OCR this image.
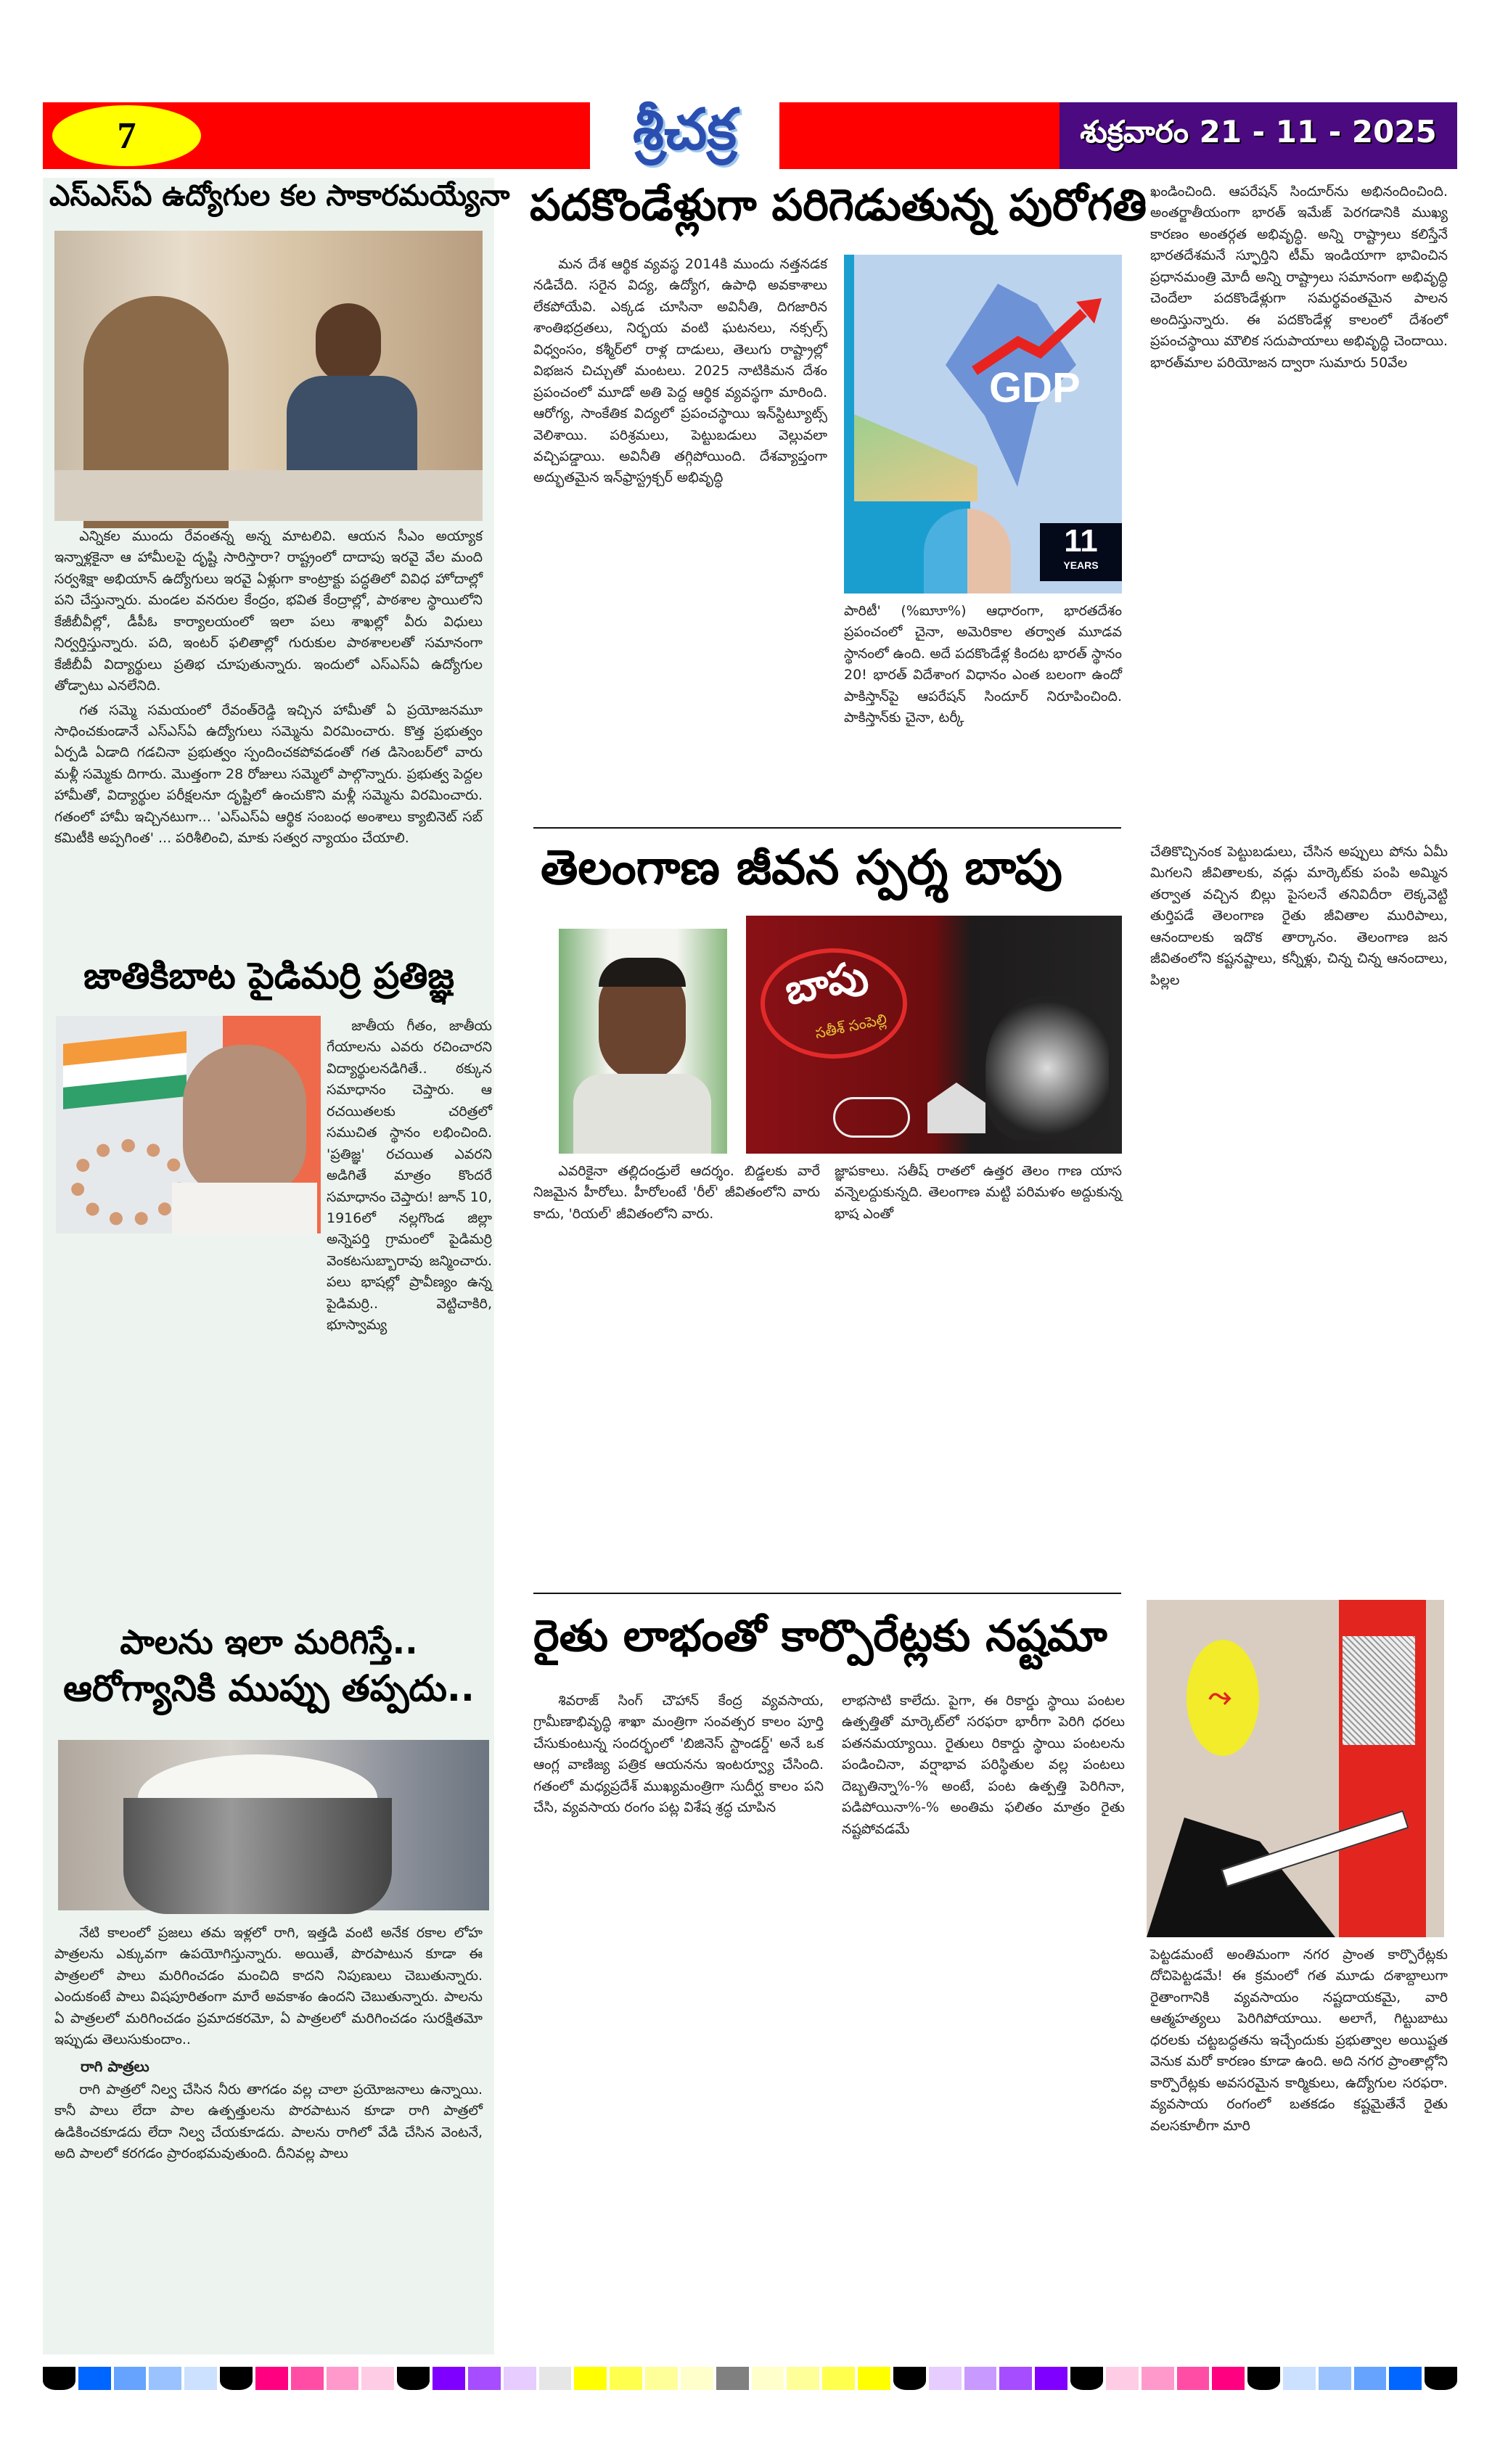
7	శ్రీచక్ర	శుక్రవారం 21 - 11 - 2025
ఎస్ఎస్ఏ ఉద్యోగుల కల సాకారమయ్యేనా

ఎన్నికల ముందు రేవంతన్న అన్న మాటలివి. ఆయన సీఎం అయ్యాక ఇన్నాళ్లకైనా ఆ హామీలపై దృష్టి సారిస్తారా? రాష్ట్రంలో దాదాపు ఇరవై వేల మంది సర్వశిక్షా అభియాన్ ఉద్యోగులు ఇరవై ఏళ్లుగా కాంట్రాక్టు పద్ధతిలో వివిధ హోదాల్లో పని చేస్తున్నారు. మండల వనరుల కేంద్రం, భవిత కేంద్రాల్లో, పాఠశాల స్థాయిలోని కేజీబీవీల్లో, డీపీఓ కార్యాలయంలో ఇలా పలు శాఖల్లో వీరు విధులు నిర్వర్తిస్తున్నారు. పది, ఇంటర్ ఫలితాల్లో గురుకుల పాఠశాలలతో సమానంగా కేజీబీవీ విద్యార్థులు ప్రతిభ చూపుతున్నారు. ఇందులో ఎస్ఎస్ఏ ఉద్యోగుల తోడ్పాటు ఎనలేనిది.

గత సమ్మె సమయంలో రేవంత్‌రెడ్డి ఇచ్చిన హామీతో ఏ ప్రయోజనమూ సాధించకుండానే ఎస్ఎస్ఏ ఉద్యోగులు సమ్మెను విరమించారు. కొత్త ప్రభుత్వం ఏర్పడి ఏడాది గడచినా ప్రభుత్వం స్పందించకపోవడంతో గత డిసెంబర్‌లో వారు మళ్లీ సమ్మెకు దిగారు. మొత్తంగా 28 రోజులు సమ్మెలో పాల్గొన్నారు. ప్రభుత్వ పెద్దల హామీతో, విద్యార్థుల పరీక్షలనూ దృష్టిలో ఉంచుకొని మళ్లీ సమ్మెను విరమించారు. గతంలో హామీ ఇచ్చినటుగా... 'ఎస్ఎస్ఏ ఆర్థిక సంబంధ అంశాలు క్యాబినెట్ సబ్ కమిటీకి అప్పగింత' ... పరిశీలించి, మాకు సత్వర న్యాయం చేయాలి.

జాతికిబాట పైడిమర్రి ప్రతిజ్ఞ

జాతీయ గీతం, జాతీయ గేయాలను ఎవరు రచించారని విద్యార్థులనడిగితే.. ఠక్కున సమాధానం చెప్తారు. ఆ రచయితలకు చరిత్రలో సముచిత స్థానం లభించింది. 'ప్రతిజ్ఞ' రచయిత ఎవరని అడిగితే మాత్రం కొందరే సమాధానం చెప్తారు! జూన్ 10, 1916లో నల్లగొండ జిల్లా అన్నెపర్తి గ్రామంలో పైడిమర్రి వెంకటసుబ్బారావు జన్మించారు. పలు భాషల్లో ప్రావీణ్యం ఉన్న పైడిమర్రి.. వెట్టిచాకిరి, భూస్వామ్య

పాలను ఇలా మరిగిస్తే..
ఆరోగ్యానికి ముప్పు తప్పదు..

నేటి కాలంలో ప్రజలు తమ ఇళ్లలో రాగి, ఇత్తడి వంటి అనేక రకాల లోహ పాత్రలను ఎక్కువగా ఉపయోగిస్తున్నారు. అయితే, పొరపాటున కూడా ఈ పాత్రలలో పాలు మరిగించడం మంచిది కాదని నిపుణులు చెబుతున్నారు. ఎందుకంటే పాలు విషపూరితంగా మారే అవకాశం ఉందని చెబుతున్నారు. పాలను ఏ పాత్రలలో మరిగించడం ప్రమాదకరమో, ఏ పాత్రలలో మరిగించడం సురక్షితమో ఇప్పుడు తెలుసుకుందాం..

రాగి పాత్రలు

రాగి పాత్రలో నిల్వ చేసిన నీరు తాగడం వల్ల చాలా ప్రయోజనాలు ఉన్నాయి. కానీ పాలు లేదా పాల ఉత్పత్తులను పొరపాటున కూడా రాగి పాత్రలో ఉడికించకూడదు లేదా నిల్వ చేయకూడదు. పాలను రాగిలో వేడి చేసిన వెంటనే, అది పాలలో కరగడం ప్రారంభమవుతుంది. దీనివల్ల పాలు

పదకొండేళ్లుగా పరిగెడుతున్న పురోగతి

మన దేశ ఆర్థిక వ్యవస్థ 2014కి ముందు నత్తనడక నడిచేది. సరైన విద్య, ఉద్యోగ, ఉపాధి అవకాశాలు లేకపోయేవి. ఎక్కడ చూసినా అవినీతి, దిగజారిన శాంతిభద్రతలు, నిర్భయ వంటి ఘటనలు, నక్సల్స్ విధ్వంసం, కశ్మీర్‌లో రాళ్ల దాడులు, తెలుగు రాష్ట్రాల్లో విభజన చిచ్చుతో మంటలు. 2025 నాటికిమన దేశం ప్రపంచంలో మూడో అతి పెద్ద ఆర్థిక వ్యవస్థగా మారింది. ఆరోగ్య, సాంకేతిక విద్యలో ప్రపంచస్థాయి ఇన్‌స్టిట్యూట్స్ వెలిశాయి. పరిశ్రమలు, పెట్టుబడులు వెల్లువలా వచ్చిపడ్డాయి. అవినీతి తగ్గిపోయింది. దేశవ్యాప్తంగా అద్భుతమైన ఇన్‌ఫ్రాస్ట్రక్చర్ అభివృద్ధి

GDP
11
YEARS

పారిటీ' (%ఐూూ%) ఆధారంగా, భారతదేశం ప్రపంచంలో చైనా, అమెరికాల తర్వాత మూడవ స్థానంలో ఉంది. అదే పదకొండేళ్ల కిందట భారత్ స్థానం 20! భారత్ విదేశాంగ విధానం ఎంత బలంగా ఉందో పాకిస్తాన్‌పై ఆపరేషన్ సిందూర్ నిరూపించింది. పాకిస్తాన్‌కు చైనా, టర్కీ

ఖండించింది. ఆపరేషన్ సిందూర్‌ను అభినందించింది. అంతర్జాతీయంగా భారత్ ఇమేజ్ పెరగడానికి ముఖ్య కారణం అంతర్గత అభివృద్ధి. అన్ని రాష్ట్రాలు కలిస్తేనే భారతదేశమనే స్ఫూర్తిని టీమ్ ఇండియాగా భావించిన ప్రధానమంత్రి మోదీ అన్ని రాష్ట్రాలు సమానంగా అభివృద్ధి చెందేలా పదకొండేళ్లుగా సమర్థవంతమైన పాలన అందిస్తున్నారు. ఈ పదకొండేళ్ల కాలంలో దేశంలో ప్రపంచస్థాయి మౌలిక సదుపాయాలు అభివృద్ధి చెందాయి. భారత్‌మాల పరియోజన ద్వారా సుమారు 50వేల

తెలంగాణ జీవన స్పర్శ బాపు
బాపు
సతీశ్ సంపెల్లి

ఎవరికైనా తల్లిదండ్రులే ఆదర్శం. బిడ్డలకు వారే నిజమైన హీరోలు. హీరోలంటే 'రీల్' జీవితంలోని వారు కాదు, 'రియల్' జీవితంలోని వారు.

జ్ఞాపకాలు. సతీష్ రాతలో ఉత్తర తెలం గాణ యాస వన్నెలద్దుకున్నది. తెలంగాణ మట్టి పరిమళం అద్దుకున్న భాష ఎంతో

చేతికొచ్చినంక పెట్టుబడులు, చేసిన అప్పులు పోను ఏమీ మిగలని జీవితాలకు, వడ్లు మార్కెట్‌కు పంపి అమ్మిన తర్వాత వచ్చిన బిల్లు పైసలనే తనివిదీరా లెక్కవెట్టి తుర్తిపడే తెలంగాణ రైతు జీవితాల మురిపాలు, ఆనందాలకు ఇదొక తార్కానం. తెలంగాణ జన జీవితంలోని కష్టనష్టాలు, కన్నీళ్లు, చిన్న చిన్న ఆనందాలు, పిల్లల

రైతు లాభంతో కార్పొరేట్లకు నష్టమా

శివరాజ్ సింగ్ చౌహాన్ కేంద్ర వ్యవసాయ, గ్రామీణాభివృద్ధి శాఖా మంత్రిగా సంవత్సర కాలం పూర్తి చేసుకుంటున్న సందర్భంలో 'బిజినెస్ స్టాండర్డ్' అనే ఒక ఆంగ్ల వాణిజ్య పత్రిక ఆయనను ఇంటర్వ్యూ చేసింది. గతంలో మధ్యప్రదేశ్ ముఖ్యమంత్రిగా సుదీర్ఘ కాలం పని చేసి, వ్యవసాయ రంగం పట్ల విశేష శ్రద్ధ చూపిన

లాభసాటి కాలేదు. పైగా, ఈ రికార్డు స్థాయి పంటల ఉత్పత్తితో మార్కెట్‌లో సరఫరా భారీగా పెరిగి ధరలు పతనమయ్యాయి. రైతులు రికార్డు స్థాయి పంటలను పండించినా, వర్షాభావ పరిస్థితుల వల్ల పంటలు దెబ్బతిన్నా%-% అంటే, పంట ఉత్పత్తి పెరిగినా, పడిపోయినా%-% అంతిమ ఫలితం మాత్రం రైతు నష్టపోవడమే

⤳

పెట్టడమంటే అంతిమంగా నగర ప్రాంత కార్పొరేట్లకు దోచిపెట్టడమే! ఈ క్రమంలో గత మూడు దశాబ్దాలుగా రైతాంగానికి వ్యవసాయం నష్టదాయకమై, వారి ఆత్మహత్యలు పెరిగిపోయాయి. అలాగే, గిట్టుబాటు ధరలకు చట్టబద్ధతను ఇచ్చేందుకు ప్రభుత్వాల అయిష్టత వెనుక మరో కారణం కూడా ఉంది. అది నగర ప్రాంతాల్లోని కార్పొరేట్లకు అవసరమైన కార్మికులు, ఉద్యోగుల సరఫరా. వ్యవసాయ రంగంలో బతకడం కష్టమైతేనే రైతు వలసకూలీగా మారి
